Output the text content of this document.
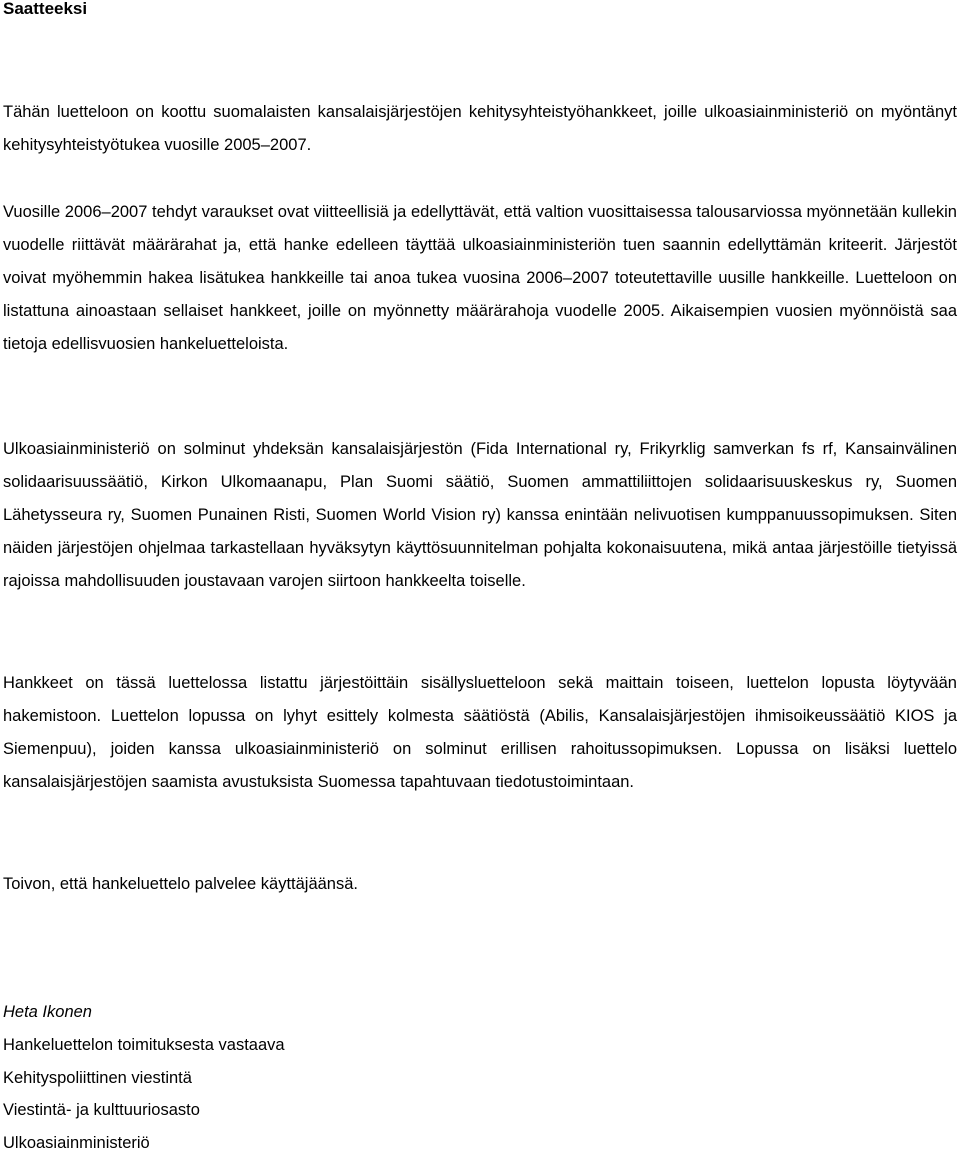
Saatteeksi

Tähän luetteloon on koottu suomalaisten kansalaisjärjestöjen kehitysyhteistyöhankkeet, joille ulkoasiainministeriö on myöntänyt kehitysyhteistyötukea vuosille 2005–2007.

Vuosille 2006–2007 tehdyt varaukset ovat viitteellisiä ja edellyttävät, että valtion vuosittaisessa talousarviossa myönnetään kullekin vuodelle riittävät määrärahat ja, että hanke edelleen täyttää ulkoasiainministeriön tuen saannin edellyttämän kriteerit. Järjestöt voivat myöhemmin hakea lisätukea hankkeille tai anoa tukea vuosina 2006–2007 toteutettaville uusille hankkeille. Luetteloon on listattuna ainoastaan sellaiset hankkeet, joille on myönnetty määrärahoja vuodelle 2005. Aikaisempien vuosien myönnöistä saa tietoja edellisvuosien hankeluetteloista.

Ulkoasiainministeriö on solminut yhdeksän kansalaisjärjestön (Fida International ry, Frikyrklig samverkan fs rf, Kansainvälinen solidaarisuussäätiö, Kirkon Ulkomaanapu, Plan Suomi säätiö, Suomen ammattiliittojen solidaarisuuskeskus ry, Suomen Lähetysseura ry, Suomen Punainen Risti, Suomen World Vision ry) kanssa enintään nelivuotisen kumppanuussopimuksen. Siten näiden järjestöjen ohjelmaa tarkastellaan hyväksytyn käyttösuunnitelman pohjalta kokonaisuutena, mikä antaa järjestöille tietyissä rajoissa mahdollisuuden joustavaan varojen siirtoon hankkeelta toiselle.

Hankkeet on tässä luettelossa listattu järjestöittäin sisällysluetteloon sekä maittain toiseen, luettelon lopusta löytyvään hakemistoon. Luettelon lopussa on lyhyt esittely kolmesta säätiöstä (Abilis, Kansalaisjärjestöjen ihmisoikeussäätiö KIOS ja Siemenpuu), joiden kanssa ulkoasiainministeriö on solminut erillisen rahoitussopimuksen. Lopussa on lisäksi luettelo kansalaisjärjestöjen saamista avustuksista Suomessa tapahtuvaan tiedotustoimintaan.

Toivon, että hankeluettelo palvelee käyttäjäänsä.

Heta Ikonen
Hankeluettelon toimituksesta vastaava
Kehityspoliittinen viestintä
Viestintä- ja kulttuuriosasto
Ulkoasiainministeriö
